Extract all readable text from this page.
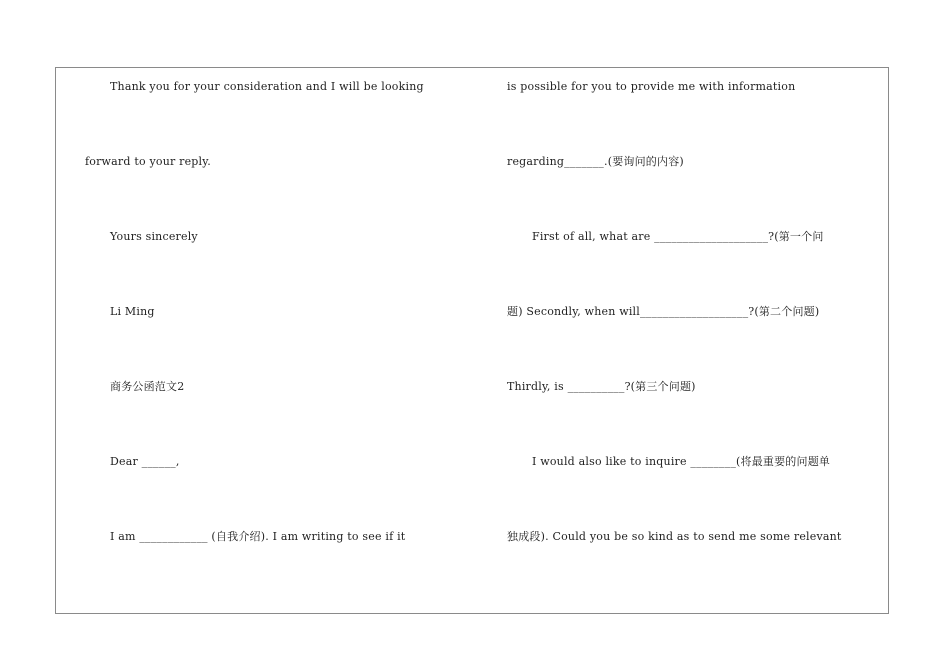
Thank you for your consideration and I will be looking
forward to your reply.
Yours sincerely
Li Ming
商务公函范文2
Dear ______,
I am ____________ (自我介绍). I am writing to see if it
is possible for you to provide me with information
regarding_______.(要询问的内容)
First of all, what are ____________________?(第一个问
题) Secondly, when will___________________?(第二个问题)
Thirdly, is __________?(第三个问题)
I would also like to inquire ________(将最重要的问题单
独成段). Could you be so kind as to send me some relevant
